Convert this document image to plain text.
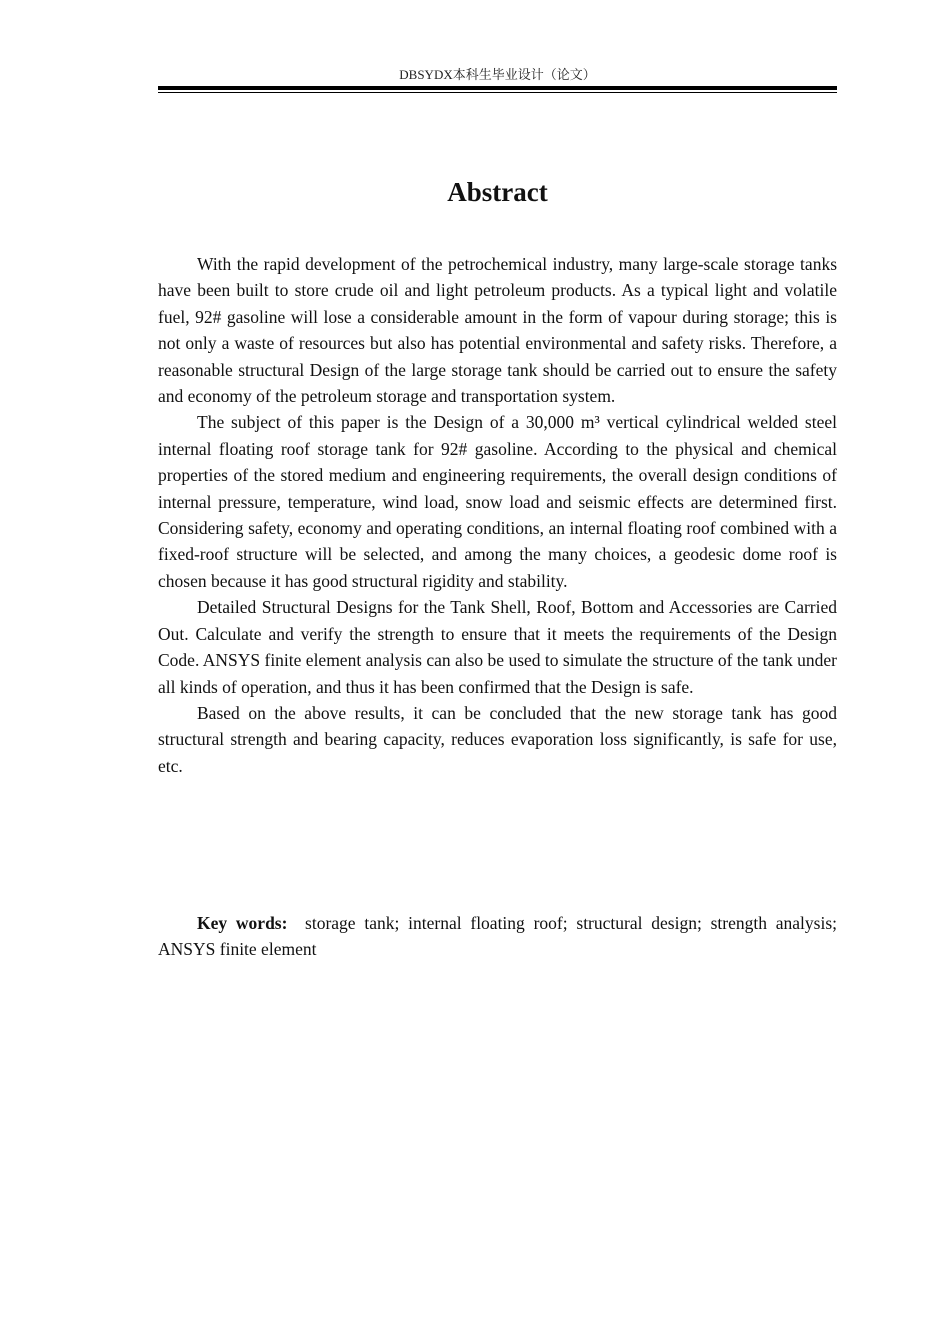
DBSYDX本科生毕业设计（论文）
Abstract

With the rapid development of the petrochemical industry, many large-scale storage tanks have been built to store crude oil and light petroleum products. As a typical light and volatile fuel, 92# gasoline will lose a considerable amount in the form of vapour during storage; this is not only a waste of resources but also has potential environmental and safety risks. Therefore, a reasonable structural Design of the large storage tank should be carried out to ensure the safety and economy of the petroleum storage and transportation system.

The subject of this paper is the Design of a 30,000 m³ vertical cylindrical welded steel internal floating roof storage tank for 92# gasoline. According to the physical and chemical properties of the stored medium and engineering requirements, the overall design conditions of internal pressure, temperature, wind load, snow load and seismic effects are determined first. Considering safety, economy and operating conditions, an internal floating roof combined with a fixed-roof structure will be selected, and among the many choices, a geodesic dome roof is chosen because it has good structural rigidity and stability.

Detailed Structural Designs for the Tank Shell, Roof, Bottom and Accessories are Carried Out. Calculate and verify the strength to ensure that it meets the requirements of the Design Code. ANSYS finite element analysis can also be used to simulate the structure of the tank under all kinds of operation, and thus it has been confirmed that the Design is safe.

Based on the above results, it can be concluded that the new storage tank has good structural strength and bearing capacity, reduces evaporation loss significantly, is safe for use, etc.

Key words: storage tank; internal floating roof; structural design; strength analysis; ANSYS finite element
